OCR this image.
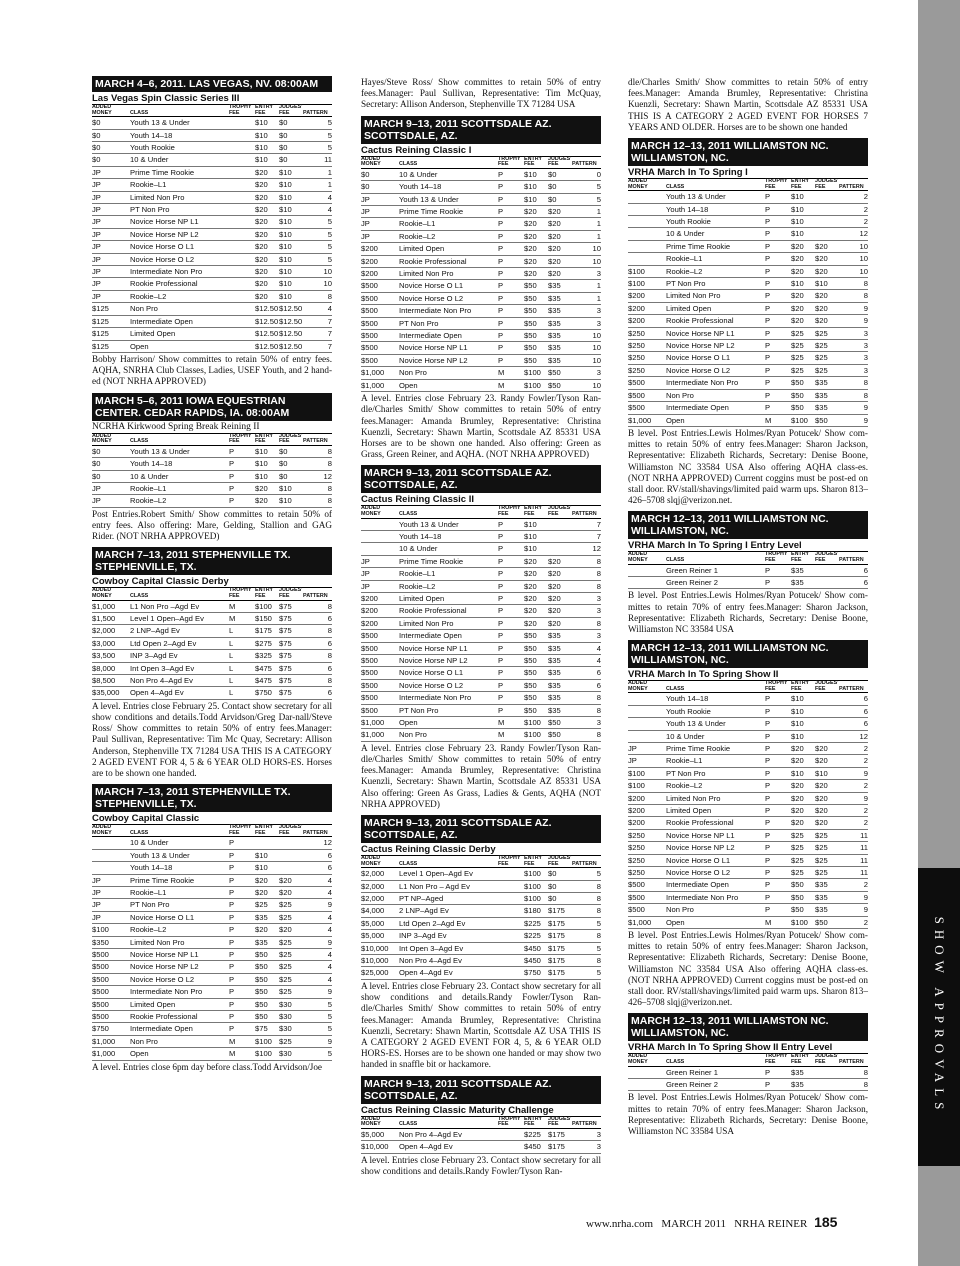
SHOW APPROVALS
MARCH 4–6, 2011. LAS VEGAS, NV. 08:00AM
Las Vegas Spin Classic Series III
ADDED
MONEY	CLASS	TROPHY
FEE	ENTRY
FEE	JUDGES'
FEE	PATTERN
$0	Youth 13 & Under		$10	$0	5
$0	Youth 14–18		$10	$0	5
$0	Youth Rookie		$10	$0	5
$0	10 & Under		$10	$0	11
JP	Prime Time Rookie		$20	$10	1
JP	Rookie–L1		$20	$10	1
JP	Limited Non Pro		$20	$10	4
JP	PT Non Pro		$20	$10	4
JP	Novice Horse NP L1		$20	$10	5
JP	Novice Horse NP L2		$20	$10	5
JP	Novice Horse O L1		$20	$10	5
JP	Novice Horse O L2		$20	$10	5
JP	Intermediate Non Pro		$20	$10	10
JP	Rookie Professional		$20	$10	10
JP	Rookie–L2		$20	$10	8
$125	Non Pro		$12.50	$12.50	4
$125	Intermediate Open		$12.50	$12.50	7
$125	Limited Open		$12.50	$12.50	7
$125	Open		$12.50	$12.50	7
Bobby Harrison/ Show committes to retain 50% of entry fees. AQHA, SNRHA Club Classes, Ladies, USEF Youth, and 2 hand-ed (NOT NRHA APPROVED)
MARCH 5–6, 2011 IOWA EQUESTRIAN CENTER. CEDAR RAPIDS, IA. 08:00AM
NCRHA Kirkwood Spring Break Reining II
ADDED
MONEY	CLASS	TROPHY
FEE	ENTRY
FEE	JUDGES'
FEE	PATTERN
$0	Youth 13 & Under	P	$10	$0	8
$0	Youth 14–18	P	$10	$0	8
$0	10 & Under	P	$10	$0	12
JP	Rookie–L1	P	$20	$10	8
JP	Rookie–L2	P	$20	$10	8
Post Entries.Robert Smith/ Show committes to retain 50% of entry fees. Also offering: Mare, Gelding, Stallion and GAG Rider. (NOT NRHA APPROVED)
MARCH 7–13, 2011 STEPHENVILLE TX. STEPHENVILLE, TX.
Cowboy Capital Classic Derby
ADDED
MONEY	CLASS	TROPHY
FEE	ENTRY
FEE	JUDGES'
FEE	PATTERN
$1,000	L1 Non Pro –Agd Ev	M	$100	$75	8
$1,500	Level 1 Open–Agd Ev	M	$150	$75	6
$2,000	2 LNP–Agd Ev	L	$175	$75	8
$3,000	Ltd Open 2–Agd Ev	L	$275	$75	6
$3,500	INP 3–Agd Ev	L	$325	$75	8
$8,000	Int Open 3–Agd Ev	L	$475	$75	6
$8,500	Non Pro 4–Agd Ev	L	$475	$75	8
$35,000	Open 4–Agd Ev	L	$750	$75	6
A level. Entries close February 25. Contact show secretary for all show conditions and details.Todd Arvidson/Greg Dar-nall/Steve Ross/ Show committes to retain 50% of entry fees.Manager: Paul Sullivan, Representative: Tim Mc Quay, Secretary: Allison Anderson, Stephenville TX 71284 USA THIS IS A CATEGORY 2 AGED EVENT FOR 4, 5 & 6 YEAR OLD HORS-ES. Horses are to be shown one handed.
MARCH 7–13, 2011 STEPHENVILLE TX. STEPHENVILLE, TX.
Cowboy Capital Classic
ADDED
MONEY	CLASS	TROPHY
FEE	ENTRY
FEE	JUDGES'
FEE	PATTERN
	10 & Under	P			12
	Youth 13 & Under	P	$10		6
	Youth 14–18	P	$10		6
JP	Prime Time Rookie	P	$20	$20	4
JP	Rookie–L1	P	$20	$20	4
JP	PT Non Pro	P	$25	$25	9
JP	Novice Horse O L1	P	$35	$25	4
$100	Rookie–L2	P	$20	$20	4
$350	Limited Non Pro	P	$35	$25	9
$500	Novice Horse NP L1	P	$50	$25	4
$500	Novice Horse NP L2	P	$50	$25	4
$500	Novice Horse O L2	P	$50	$25	4
$500	Intermediate Non Pro	P	$50	$25	9
$500	Limited Open	P	$50	$30	5
$500	Rookie Professional	P	$50	$30	5
$750	Intermediate Open	P	$75	$30	5
$1,000	Non Pro	M	$100	$25	9
$1,000	Open	M	$100	$30	5
A level. Entries close 6pm day before class.Todd Arvidson/Joe
Hayes/Steve Ross/ Show committes to retain 50% of entry fees.Manager: Paul Sullivan, Representative: Tim McQuay, Secretary: Allison Anderson, Stephenville TX 71284 USA
MARCH 9–13, 2011 SCOTTSDALE AZ. SCOTTSDALE, AZ.
Cactus Reining Classic I
ADDED
MONEY	CLASS	TROPHY
FEE	ENTRY
FEE	JUDGES'
FEE	PATTERN
$0	10 & Under	P	$10	$0	0
$0	Youth 14–18	P	$10	$0	5
JP	Youth 13 & Under	P	$10	$0	5
JP	Prime Time Rookie	P	$20	$20	1
JP	Rookie–L1	P	$20	$20	1
JP	Rookie–L2	P	$20	$20	1
$200	Limited Open	P	$20	$20	10
$200	Rookie Professional	P	$20	$20	10
$200	Limited Non Pro	P	$20	$20	3
$500	Novice Horse O L1	P	$50	$35	1
$500	Novice Horse O L2	P	$50	$35	1
$500	Intermediate Non Pro	P	$50	$35	3
$500	PT Non Pro	P	$50	$35	3
$500	Intermediate Open	P	$50	$35	10
$500	Novice Horse NP L1	P	$50	$35	10
$500	Novice Horse NP L2	P	$50	$35	10
$1,000	Non Pro	M	$100	$50	3
$1,000	Open	M	$100	$50	10
A level. Entries close February 23. Randy Fowler/Tyson Ran-dle/Charles Smith/ Show committes to retain 50% of entry fees.Manager: Amanda Brumley, Representative: Christina Kuenzli, Secretary: Shawn Martin, Scottsdale AZ 85331 USA Horses are to be shown one handed. Also offering: Green as Grass, Green Reiner, and AQHA. (NOT NRHA APPROVED)
MARCH 9–13, 2011 SCOTTSDALE AZ. SCOTTSDALE, AZ.
Cactus Reining Classic II
ADDED
MONEY	CLASS	TROPHY
FEE	ENTRY
FEE	JUDGES'
FEE	PATTERN
	Youth 13 & Under	P	$10		7
	Youth 14–18	P	$10		7
	10 & Under	P	$10		12
JP	Prime Time Rookie	P	$20	$20	8
JP	Rookie–L1	P	$20	$20	8
JP	Rookie–L2	P	$20	$20	8
$200	Limited Open	P	$20	$20	3
$200	Rookie Professional	P	$20	$20	3
$200	Limited Non Pro	P	$20	$20	8
$500	Intermediate Open	P	$50	$35	3
$500	Novice Horse NP L1	P	$50	$35	4
$500	Novice Horse NP L2	P	$50	$35	4
$500	Novice Horse O L1	P	$50	$35	6
$500	Novice Horse O L2	P	$50	$35	6
$500	Intermediate Non Pro	P	$50	$35	8
$500	PT Non Pro	P	$50	$35	8
$1,000	Open	M	$100	$50	3
$1,000	Non Pro	M	$100	$50	8
A level. Entries close February 23. Randy Fowler/Tyson Ran-dle/Charles Smith/ Show committes to retain 50% of entry fees.Manager: Amanda Brumley, Representative: Christina Kuenzli, Secretary: Shawn Martin, Scottsdale AZ 85331 USA Also offering: Green As Grass, Ladies & Gents, AQHA (NOT NRHA APPROVED)
MARCH 9–13, 2011 SCOTTSDALE AZ. SCOTTSDALE, AZ.
Cactus Reining Classic Derby
ADDED
MONEY	CLASS	TROPHY
FEE	ENTRY
FEE	JUDGES'
FEE	PATTERN
$2,000	Level 1 Open–Agd Ev		$100	$0	5
$2,000	L1 Non Pro – Agd Ev		$100	$0	8
$2,000	PT NP–Aged		$100	$0	8
$4,000	2 LNP–Agd Ev		$180	$175	8
$5,000	Ltd Open 2–Agd Ev		$225	$175	5
$5,000	INP 3–Agd Ev		$225	$175	8
$10,000	Int Open 3–Agd Ev		$450	$175	5
$10,000	Non Pro 4–Agd Ev		$450	$175	8
$25,000	Open 4–Agd Ev		$750	$175	5
A level. Entries close February 23. Contact show secretary for all show conditions and details.Randy Fowler/Tyson Ran-dle/Charles Smith/ Show committes to retain 50% of entry fees.Manager: Amanda Brumley, Representative: Christina Kuenzli, Secretary: Shawn Martin, Scottsdale AZ USA THIS IS A CATEGORY 2 AGED EVENT FOR 4, 5, & 6 YEAR OLD HORS-ES. Horses are to be shown one handed or may show two handed in snaffle bit or hackamore.
MARCH 9–13, 2011 SCOTTSDALE AZ. SCOTTSDALE, AZ.
Cactus Reining Classic Maturity Challenge
ADDED
MONEY	CLASS	TROPHY
FEE	ENTRY
FEE	JUDGES'
FEE	PATTERN
$5,000	Non Pro 4–Agd Ev		$225	$175	3
$10,000	Open 4–Agd Ev		$450	$175	3
A level. Entries close February 23. Contact show secretary for all show conditions and details.Randy Fowler/Tyson Ran-
dle/Charles Smith/ Show committes to retain 50% of entry fees.Manager: Amanda Brumley, Representative: Christina Kuenzli, Secretary: Shawn Martin, Scottsdale AZ 85331 USA THIS IS A CATEGORY 2 AGED EVENT FOR HORSES 7 YEARS AND OLDER. Horses are to be shown one handed
MARCH 12–13, 2011 WILLIAMSTON NC. WILLIAMSTON, NC.
VRHA March In To Spring I
ADDED
MONEY	CLASS	TROPHY
FEE	ENTRY
FEE	JUDGES'
FEE	PATTERN
	Youth 13 & Under	P	$10		2
	Youth 14–18	P	$10		2
	Youth Rookie	P	$10		2
	10 & Under	P	$10		12
	Prime Time Rookie	P	$20	$20	10
	Rookie–L1	P	$20	$20	10
$100	Rookie–L2	P	$20	$20	10
$100	PT Non Pro	P	$10	$10	8
$200	Limited Non Pro	P	$20	$20	8
$200	Limited Open	P	$20	$20	9
$200	Rookie Professional	P	$20	$20	9
$250	Novice Horse NP L1	P	$25	$25	3
$250	Novice Horse NP L2	P	$25	$25	3
$250	Novice Horse O L1	P	$25	$25	3
$250	Novice Horse O L2	P	$25	$25	3
$500	Intermediate Non Pro	P	$50	$35	8
$500	Non Pro	P	$50	$35	8
$500	Intermediate Open	P	$50	$35	9
$1,000	Open	M	$100	$50	9
B level. Post Entries.Lewis Holmes/Ryan Potucek/ Show com-mittes to retain 50% of entry fees.Manager: Sharon Jackson, Representative: Elizabeth Richards, Secretary: Denise Boone, Williamston NC 33584 USA Also offering AQHA class-es. (NOT NRHA APPROVED) Current coggins must be post-ed on stall door. RV/stall/shavings/limited paid warm ups. Sharon 813–426–5708 slqj@verizon.net.
MARCH 12–13, 2011 WILLIAMSTON NC. WILLIAMSTON, NC.
VRHA March In To Spring I Entry Level
ADDED
MONEY	CLASS	TROPHY
FEE	ENTRY
FEE	JUDGES'
FEE	PATTERN
	Green Reiner 1	P	$35		6
	Green Reiner 2	P	$35		6
B level. Post Entries.Lewis Holmes/Ryan Potucek/ Show com-mittes to retain 70% of entry fees.Manager: Sharon Jackson, Representative: Elizabeth Richards, Secretary: Denise Boone, Williamston NC 33584 USA
MARCH 12–13, 2011 WILLIAMSTON NC. WILLIAMSTON, NC.
VRHA March In To Spring Show II
ADDED
MONEY	CLASS	TROPHY
FEE	ENTRY
FEE	JUDGES'
FEE	PATTERN
	Youth 14–18	P	$10		6
	Youth Rookie	P	$10		6
	Youth 13 & Under	P	$10		6
	10 & Under	P	$10		12
JP	Prime Time Rookie	P	$20	$20	2
JP	Rookie–L1	P	$20	$20	2
$100	PT Non Pro	P	$10	$10	9
$100	Rookie–L2	P	$20	$20	2
$200	Limited Non Pro	P	$20	$20	9
$200	Limited Open	P	$20	$20	2
$200	Rookie Professional	P	$20	$20	2
$250	Novice Horse NP L1	P	$25	$25	11
$250	Novice Horse NP L2	P	$25	$25	11
$250	Novice Horse O L1	P	$25	$25	11
$250	Novice Horse O L2	P	$25	$25	11
$500	Intermediate Open	P	$50	$35	2
$500	Intermediate Non Pro	P	$50	$35	9
$500	Non Pro	P	$50	$35	9
$1,000	Open	M	$100	$50	2
B level. Post Entries.Lewis Holmes/Ryan Potucek/ Show com-mittes to retain 50% of entry fees.Manager: Sharon Jackson, Representative: Elizabeth Richards, Secretary: Denise Boone, Williamston NC 33584 USA Also offering AQHA class-es. (NOT NRHA APPROVED) Current coggins must be post-ed on stall door. RV/stall/shavings/limited paid warm ups. Sharon 813–426–5708 slqj@verizon.net.
MARCH 12–13, 2011 WILLIAMSTON NC. WILLIAMSTON, NC.
VRHA March In To Spring Show II Entry Level
ADDED
MONEY	CLASS	TROPHY
FEE	ENTRY
FEE	JUDGES'
FEE	PATTERN
	Green Reiner 1	P	$35		8
	Green Reiner 2	P	$35		8
B level. Post Entries.Lewis Holmes/Ryan Potucek/ Show com-mittes to retain 70% of entry fees.Manager: Sharon Jackson, Representative: Elizabeth Richards, Secretary: Denise Boone, Williamston NC 33584 USA
www.nrha.com MARCH 2011 NRHA REINER 185
